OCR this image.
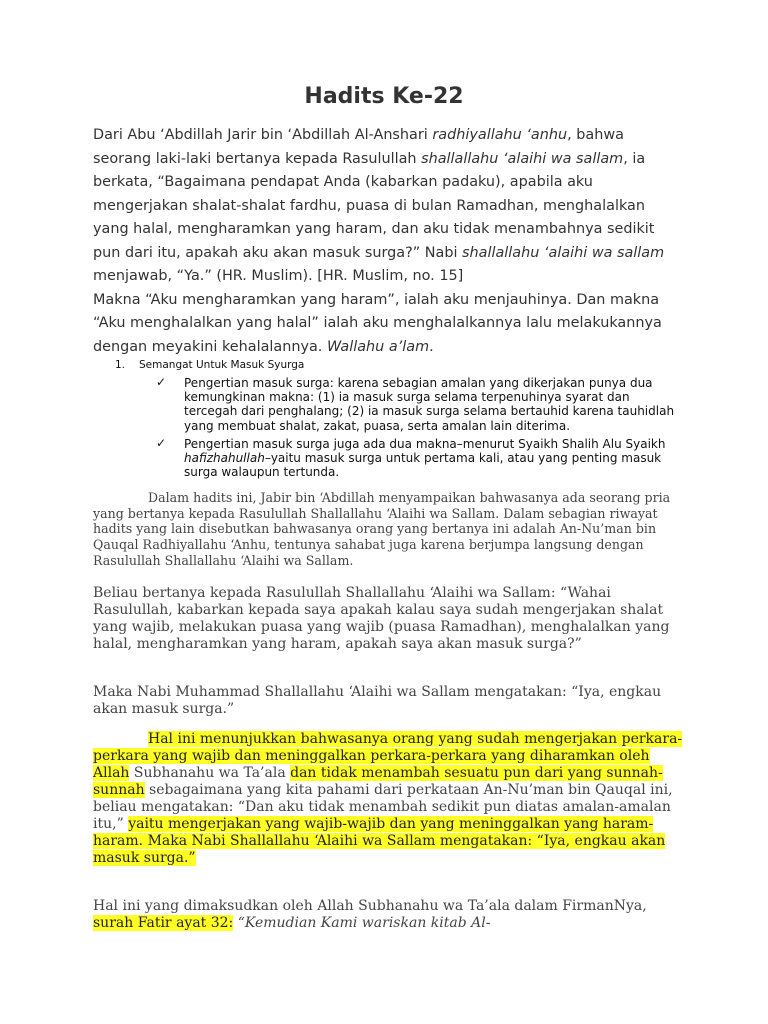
Hadits Ke-22

Dari Abu ‘Abdillah Jarir bin ‘Abdillah Al-Anshari radhiyallahu ‘anhu, bahwa seorang laki-laki bertanya kepada Rasulullah shallallahu ‘alaihi wa sallam, ia berkata, “Bagaimana pendapat Anda (kabarkan padaku), apabila aku mengerjakan shalat-shalat fardhu, puasa di bulan Ramadhan, menghalalkan yang halal, mengharamkan yang haram, dan aku tidak menambahnya sedikit pun dari itu, apakah aku akan masuk surga?” Nabi shallallahu ‘alaihi wa sallam menjawab, “Ya.” (HR. Muslim). [HR. Muslim, no. 15]

Makna “Aku mengharamkan yang haram”, ialah aku menjauhinya. Dan makna “Aku menghalalkan yang halal” ialah aku menghalalkannya lalu melakukannya dengan meyakini kehalalannya. Wallahu a’lam.

1. Semangat Untuk Masuk Syurga
✓ Pengertian masuk surga: karena sebagian amalan yang dikerjakan punya dua kemungkinan makna: (1) ia masuk surga selama terpenuhinya syarat dan tercegah dari penghalang; (2) ia masuk surga selama bertauhid karena tauhidlah yang membuat shalat, zakat, puasa, serta amalan lain diterima.
✓ Pengertian masuk surga juga ada dua makna–menurut Syaikh Shalih Alu Syaikh hafizhahullah–yaitu masuk surga untuk pertama kali, atau yang penting masuk surga walaupun tertunda.
Dalam hadits ini, Jabir bin ‘Abdillah menyampaikan bahwasanya ada seorang pria yang bertanya kepada Rasulullah Shallallahu ‘Alaihi wa Sallam. Dalam sebagian riwayat hadits yang lain disebutkan bahwasanya orang yang bertanya ini adalah An-Nu’man bin Qauqal Radhiyallahu ‘Anhu, tentunya sahabat juga karena berjumpa langsung dengan Rasulullah Shallallahu ‘Alaihi wa Sallam.

Beliau bertanya kepada Rasulullah Shallallahu ‘Alaihi wa Sallam: “Wahai Rasulullah, kabarkan kepada saya apakah kalau saya sudah mengerjakan shalat yang wajib, melakukan puasa yang wajib (puasa Ramadhan), menghalalkan yang halal, mengharamkan yang haram, apakah saya akan masuk surga?”

Maka Nabi Muhammad Shallallahu ‘Alaihi wa Sallam mengatakan: “Iya, engkau akan masuk surga.”

Hal ini menunjukkan bahwasanya orang yang sudah mengerjakan perkara-perkara yang wajib dan meninggalkan perkara-perkara yang diharamkan oleh Allah Subhanahu wa Ta’ala dan tidak menambah sesuatu pun dari yang sunnah-sunnah sebagaimana yang kita pahami dari perkataan An-Nu’man bin Qauqal ini, beliau mengatakan: “Dan aku tidak menambah sedikit pun diatas amalan-amalan itu,” yaitu mengerjakan yang wajib-wajib dan yang meninggalkan yang haram-haram. Maka Nabi Shallallahu ‘Alaihi wa Sallam mengatakan: “Iya, engkau akan masuk surga.”

Hal ini yang dimaksudkan oleh Allah Subhanahu wa Ta’ala dalam FirmanNya, surah Fatir ayat 32: “Kemudian Kami wariskan kitab Al-
